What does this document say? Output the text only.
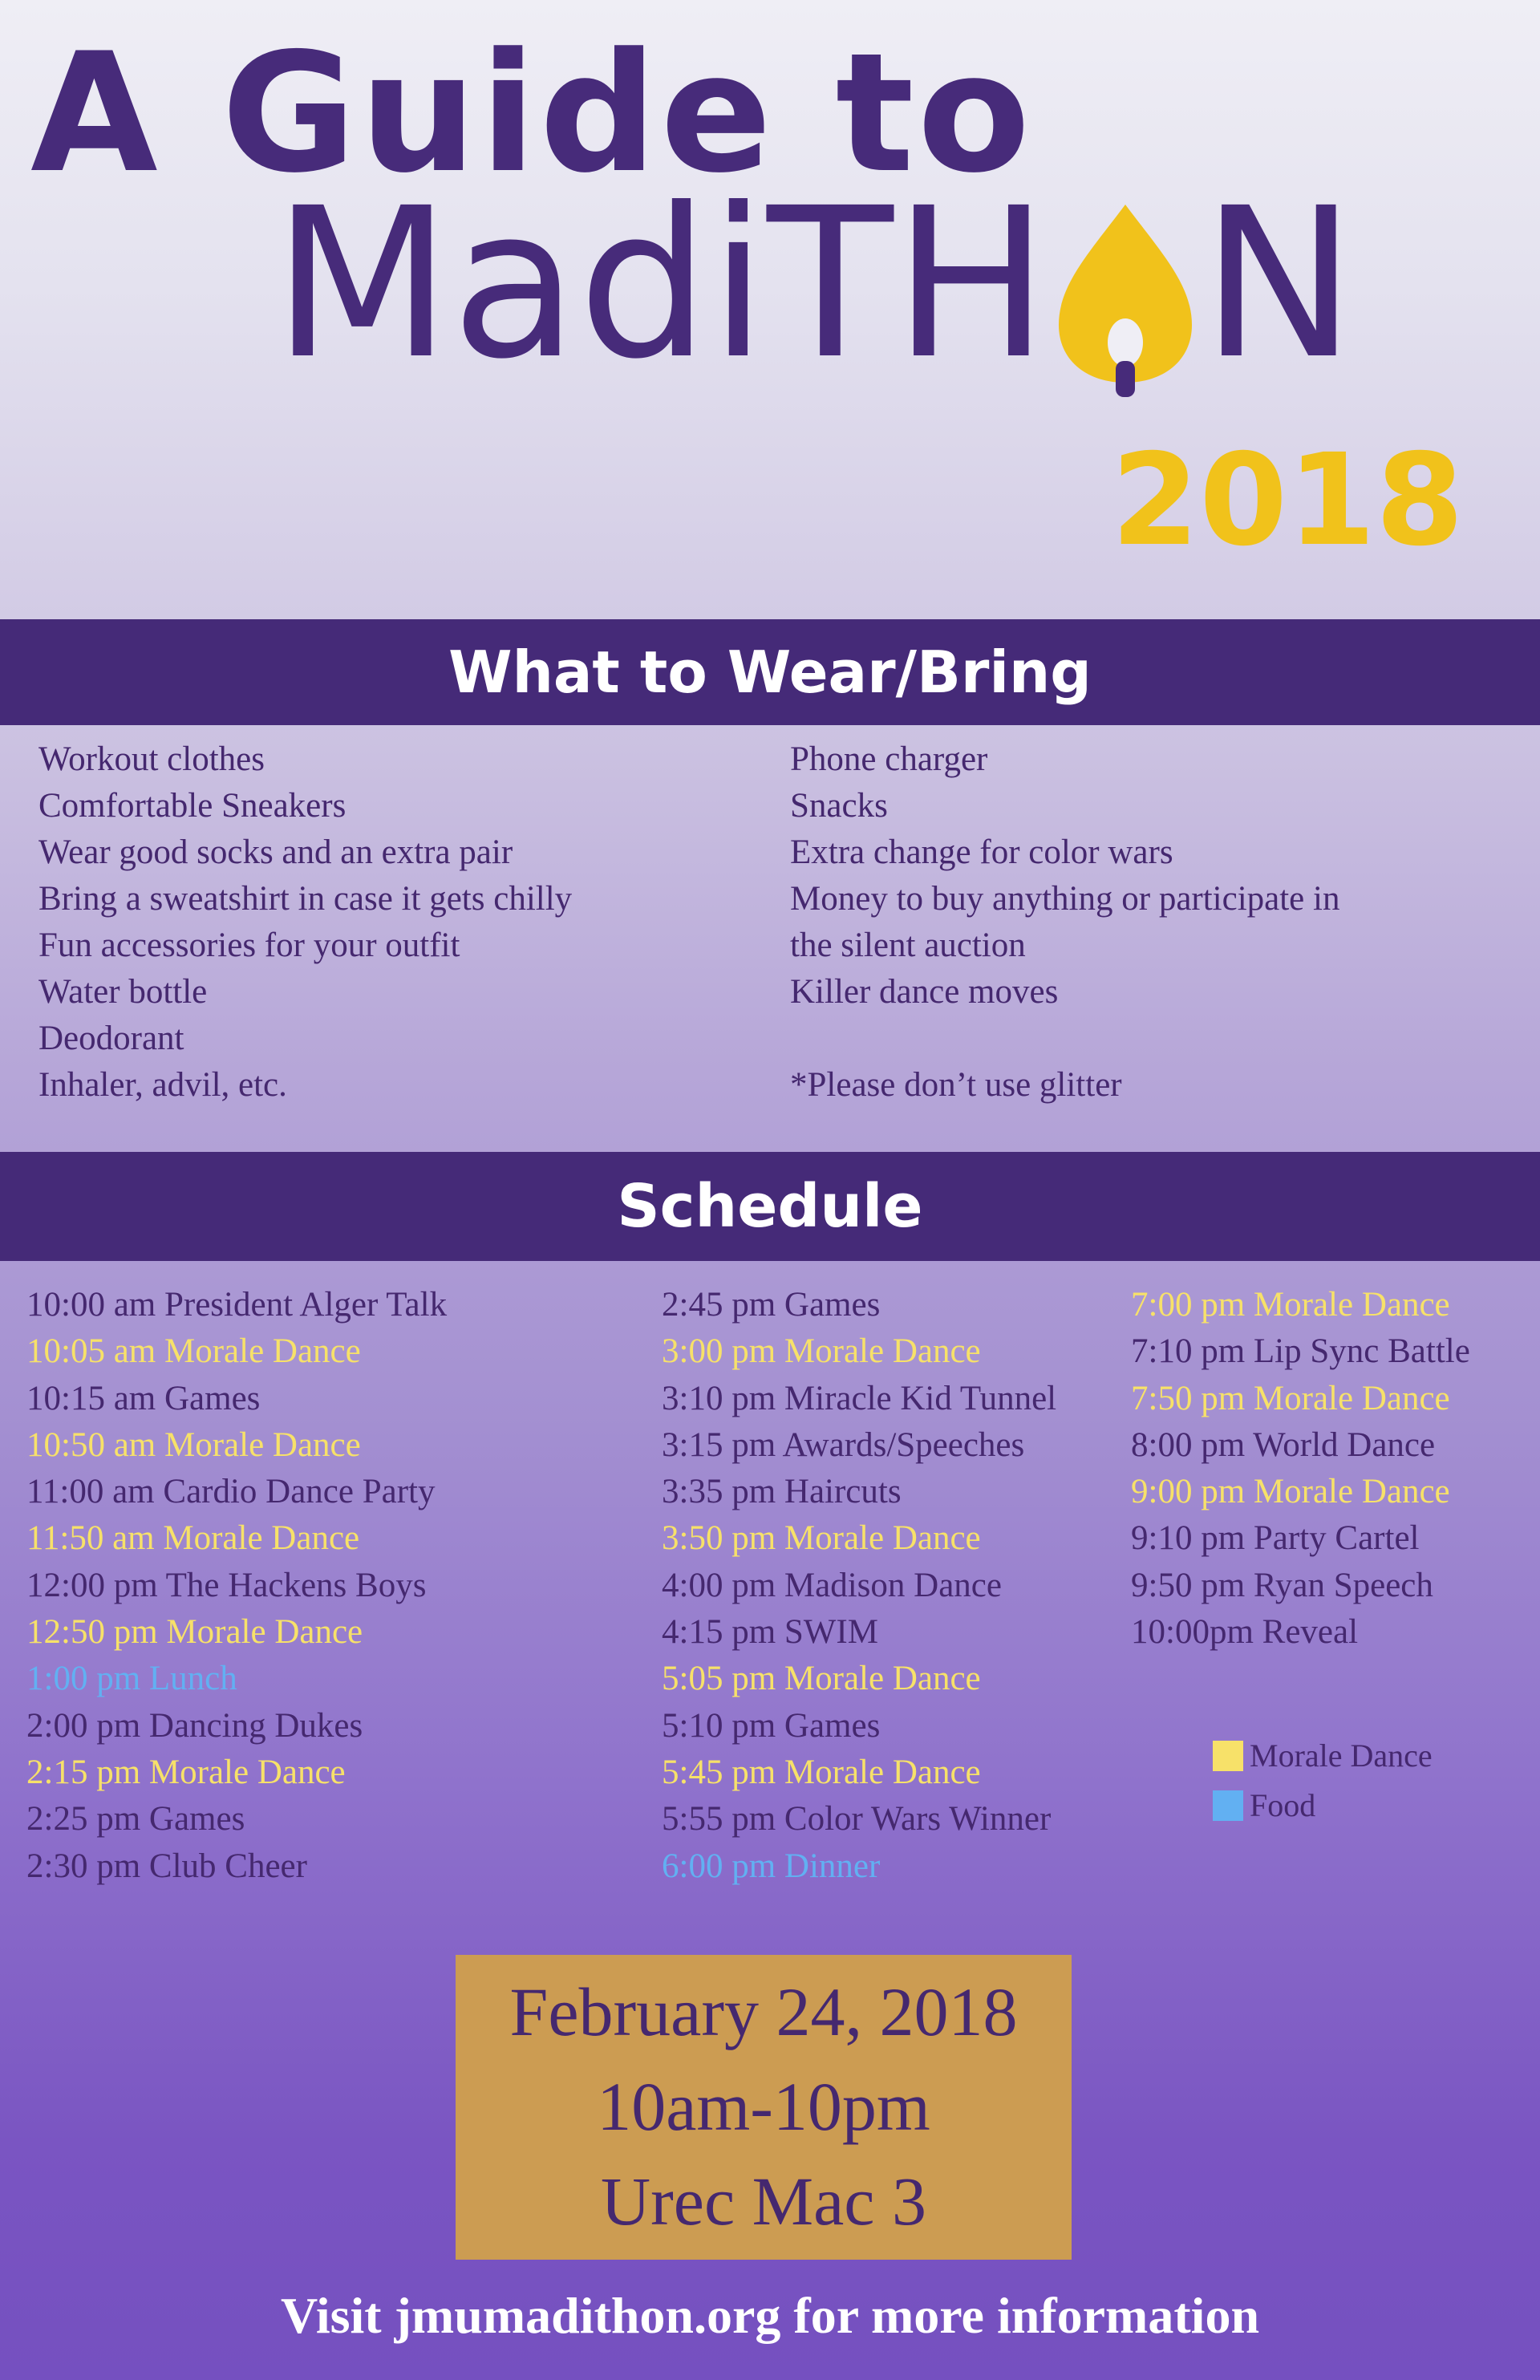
A Guide to
MadiTH N
2018
What to Wear/Bring
Workout clothes
Comfortable Sneakers
Wear good socks and an extra pair
Bring a sweatshirt in case it gets chilly
Fun accessories for your outfit
Water bottle
Deodorant
Inhaler, advil, etc.
Phone charger
Snacks
Extra change for color wars
Money to buy anything or participate in
the silent auction
Killer dance moves
*Please don’t use glitter
Schedule
10:00 am President Alger Talk
10:05 am Morale Dance
10:15 am Games
10:50 am Morale Dance
11:00 am Cardio Dance Party
11:50 am Morale Dance
12:00 pm The Hackens Boys
12:50 pm Morale Dance
1:00 pm Lunch
2:00 pm Dancing Dukes
2:15 pm Morale Dance
2:25 pm Games
2:30 pm Club Cheer
2:45 pm Games
3:00 pm Morale Dance
3:10 pm Miracle Kid Tunnel
3:15 pm Awards/Speeches
3:35 pm Haircuts
3:50 pm Morale Dance
4:00 pm Madison Dance
4:15 pm SWIM
5:05 pm Morale Dance
5:10 pm Games
5:45 pm Morale Dance
5:55 pm Color Wars Winner
6:00 pm Dinner
7:00 pm Morale Dance
7:10 pm Lip Sync Battle
7:50 pm Morale Dance
8:00 pm World Dance
9:00 pm Morale Dance
9:10 pm Party Cartel
9:50 pm Ryan Speech
10:00pm Reveal
Morale Dance
Food
February 24, 2018
10am-10pm
Urec Mac 3
Visit jmumadithon.org for more information
